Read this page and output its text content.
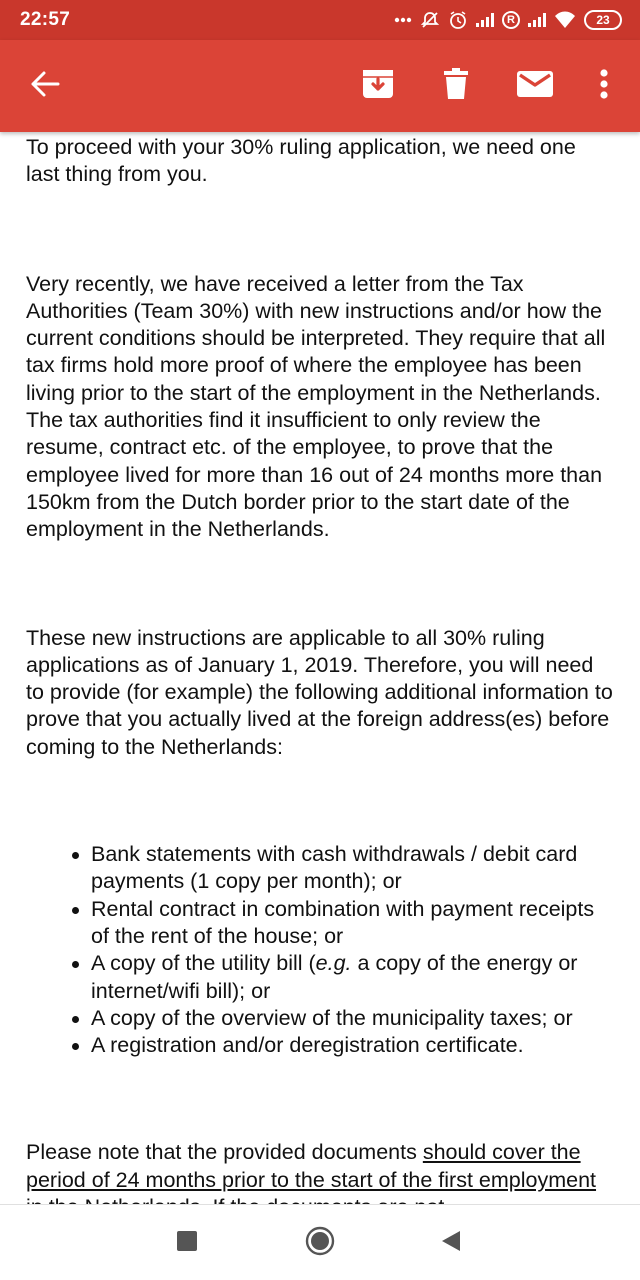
22:57	R	23

To proceed with your 30% ruling application, we need one last thing from you.

Very recently, we have received a letter from the Tax Authorities (Team 30%) with new instructions and/or how the current conditions should be interpreted. They require that all tax firms hold more proof of where the employee has been living prior to the start of the employment in the Netherlands. The tax authorities find it insufficient to only review the resume, contract etc. of the employee, to prove that the employee lived for more than 16 out of 24 months more than 150km from the Dutch border prior to the start date of the employment in the Netherlands.

These new instructions are applicable to all 30% ruling applications as of January 1, 2019. Therefore, you will need to provide (for example) the following additional information to prove that you actually lived at the foreign address(es) before coming to the Netherlands:

Bank statements with cash withdrawals / debit card payments (1 copy per month); or
Rental contract in combination with payment receipts of the rent of the house; or
A copy of the utility bill (e.g. a copy of the energy or internet/wifi bill); or
A copy of the overview of the municipality taxes; or
A registration and/or deregistration certificate.

Please note that the provided documents should cover the period of 24 months prior to the start of the first employment
